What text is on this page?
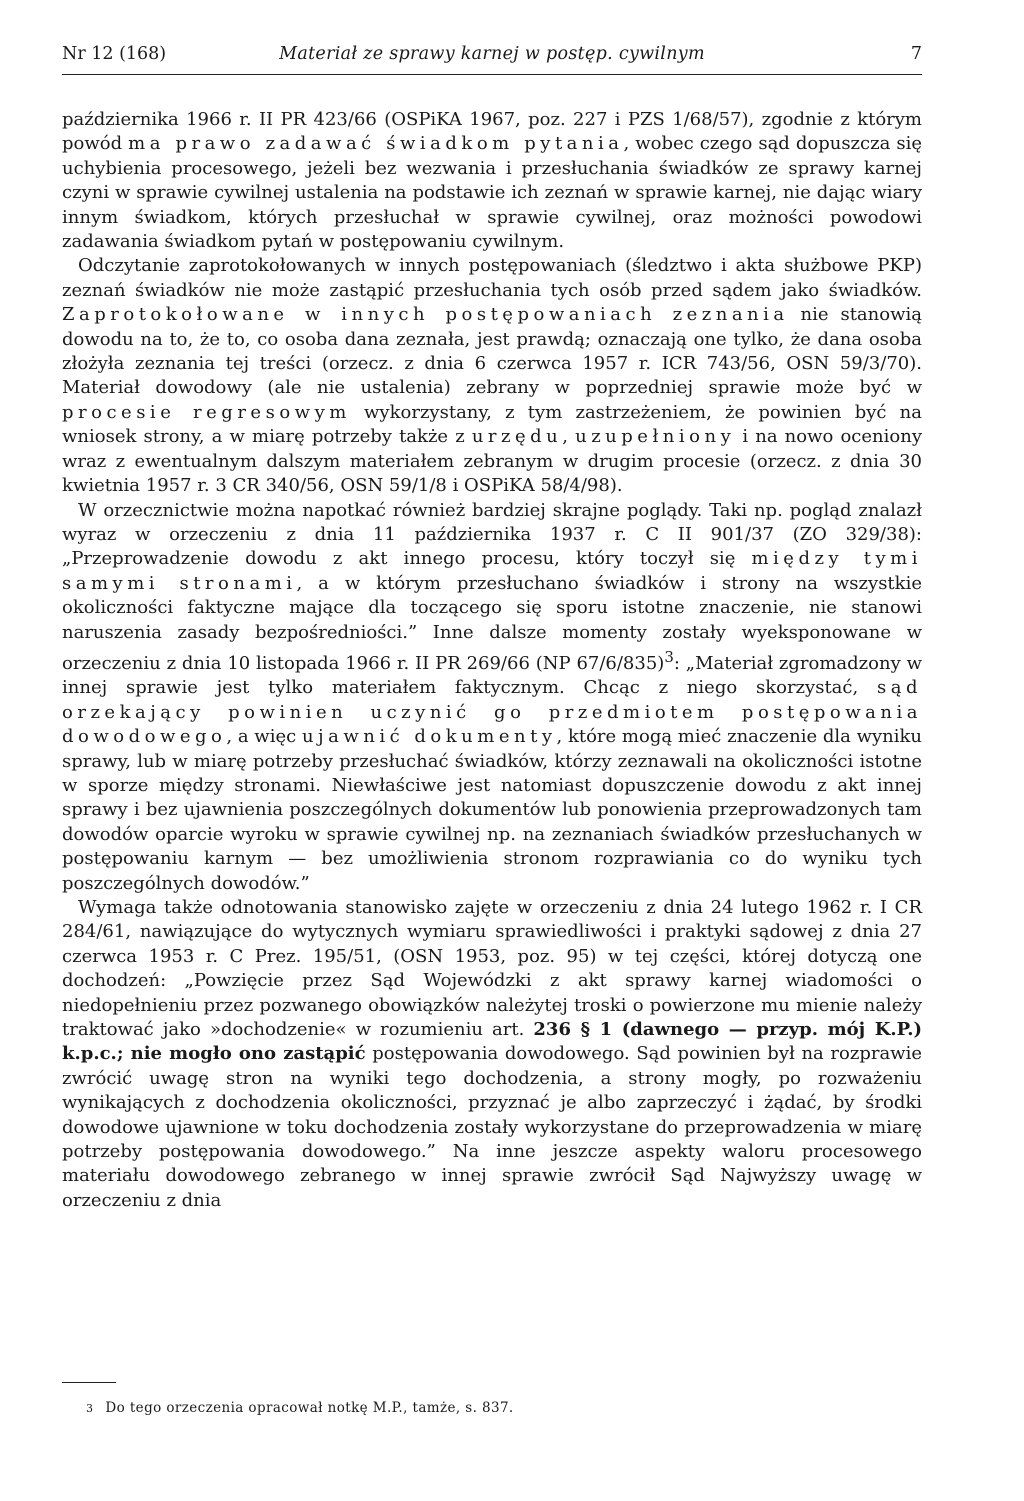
Nr 12 (168)	Materiał ze sprawy karnej w postęp. cywilnym	7

października 1966 r. II PR 423/66 (OSPiKA 1967, poz. 227 i PZS 1/68/57), zgodnie z którym powód ma prawo zadawać świadkom pytania, wobec czego sąd dopuszcza się uchybienia procesowego, jeżeli bez wezwania i przesłuchania świadków ze sprawy karnej czyni w sprawie cywilnej ustalenia na podstawie ich zeznań w sprawie karnej, nie dając wiary innym świadkom, których przesłuchał w sprawie cywilnej, oraz możności powodowi zadawania świadkom pytań w postępowaniu cywilnym.

Odczytanie zaprotokołowanych w innych postępowaniach (śledztwo i akta służbowe PKP) zeznań świadków nie może zastąpić przesłuchania tych osób przed sądem jako świadków. Zaprotokołowane w innych postępowaniach zeznania nie stanowią dowodu na to, że to, co osoba dana zeznała, jest prawdą; oznaczają one tylko, że dana osoba złożyła zeznania tej treści (orzecz. z dnia 6 czerwca 1957 r. ICR 743/56, OSN 59/3/70). Materiał dowodowy (ale nie ustalenia) zebrany w poprzedniej sprawie może być w procesie regresowym wykorzystany, z tym zastrzeżeniem, że powinien być na wniosek strony, a w miarę potrzeby także z urzędu, uzupełniony i na nowo oceniony wraz z ewentualnym dalszym materiałem zebranym w drugim procesie (orzecz. z dnia 30 kwietnia 1957 r. 3 CR 340/56, OSN 59/1/8 i OSPiKA 58/4/98).

W orzecznictwie można napotkać również bardziej skrajne poglądy. Taki np. pogląd znalazł wyraz w orzeczeniu z dnia 11 października 1937 r. C II 901/37 (ZO 329/38): „Przeprowadzenie dowodu z akt innego procesu, który toczył się między tymi samymi stronami, a w którym przesłuchano świadków i strony na wszystkie okoliczności faktyczne mające dla toczącego się sporu istotne znaczenie, nie stanowi naruszenia zasady bezpośredniości.” Inne dalsze momenty zostały wyeksponowane w orzeczeniu z dnia 10 listopada 1966 r. II PR 269/66 (NP 67/6/835)$^3$: „Materiał zgromadzony w innej sprawie jest tylko materiałem faktycznym. Chcąc z niego skorzystać, sąd orzekający powinien uczynić go przedmiotem postępowania dowodowego, a więc ujawnić dokumenty, które mogą mieć znaczenie dla wyniku sprawy, lub w miarę potrzeby przesłuchać świadków, którzy zeznawali na okoliczności istotne w sporze między stronami. Niewłaściwe jest natomiast dopuszczenie dowodu z akt innej sprawy i bez ujawnienia poszczególnych dokumentów lub ponowienia przeprowadzonych tam dowodów oparcie wyroku w sprawie cywilnej np. na zeznaniach świadków przesłuchanych w postępowaniu karnym — bez umożliwienia stronom rozprawiania co do wyniku tych poszczególnych dowodów.”

Wymaga także odnotowania stanowisko zajęte w orzeczeniu z dnia 24 lutego 1962 r. I CR 284/61, nawiązujące do wytycznych wymiaru sprawiedliwości i praktyki sądowej z dnia 27 czerwca 1953 r. C Prez. 195/51, (OSN 1953, poz. 95) w tej części, której dotyczą one dochodzeń: „Powzięcie przez Sąd Wojewódzki z akt sprawy karnej wiadomości o niedopełnieniu przez pozwanego obowiązków należytej troski o powierzone mu mienie należy traktować jako »dochodzenie« w rozumieniu art. 236 § 1 (dawnego — przyp. mój K.P.) k.p.c.; nie mogło ono zastąpić postępowania dowodowego. Sąd powinien był na rozprawie zwrócić uwagę stron na wyniki tego dochodzenia, a strony mogły, po rozważeniu wynikających z dochodzenia okoliczności, przyznać je albo zaprzeczyć i żądać, by środki dowodowe ujawnione w toku dochodzenia zostały wykorzystane do przeprowadzenia w miarę potrzeby postępowania dowodowego.” Na inne jeszcze aspekty waloru procesowego materiału dowodowego zebranego w innej sprawie zwrócił Sąd Najwyższy uwagę w orzeczeniu z dnia

3 Do tego orzeczenia opracował notkę M.P., tamże, s. 837.
